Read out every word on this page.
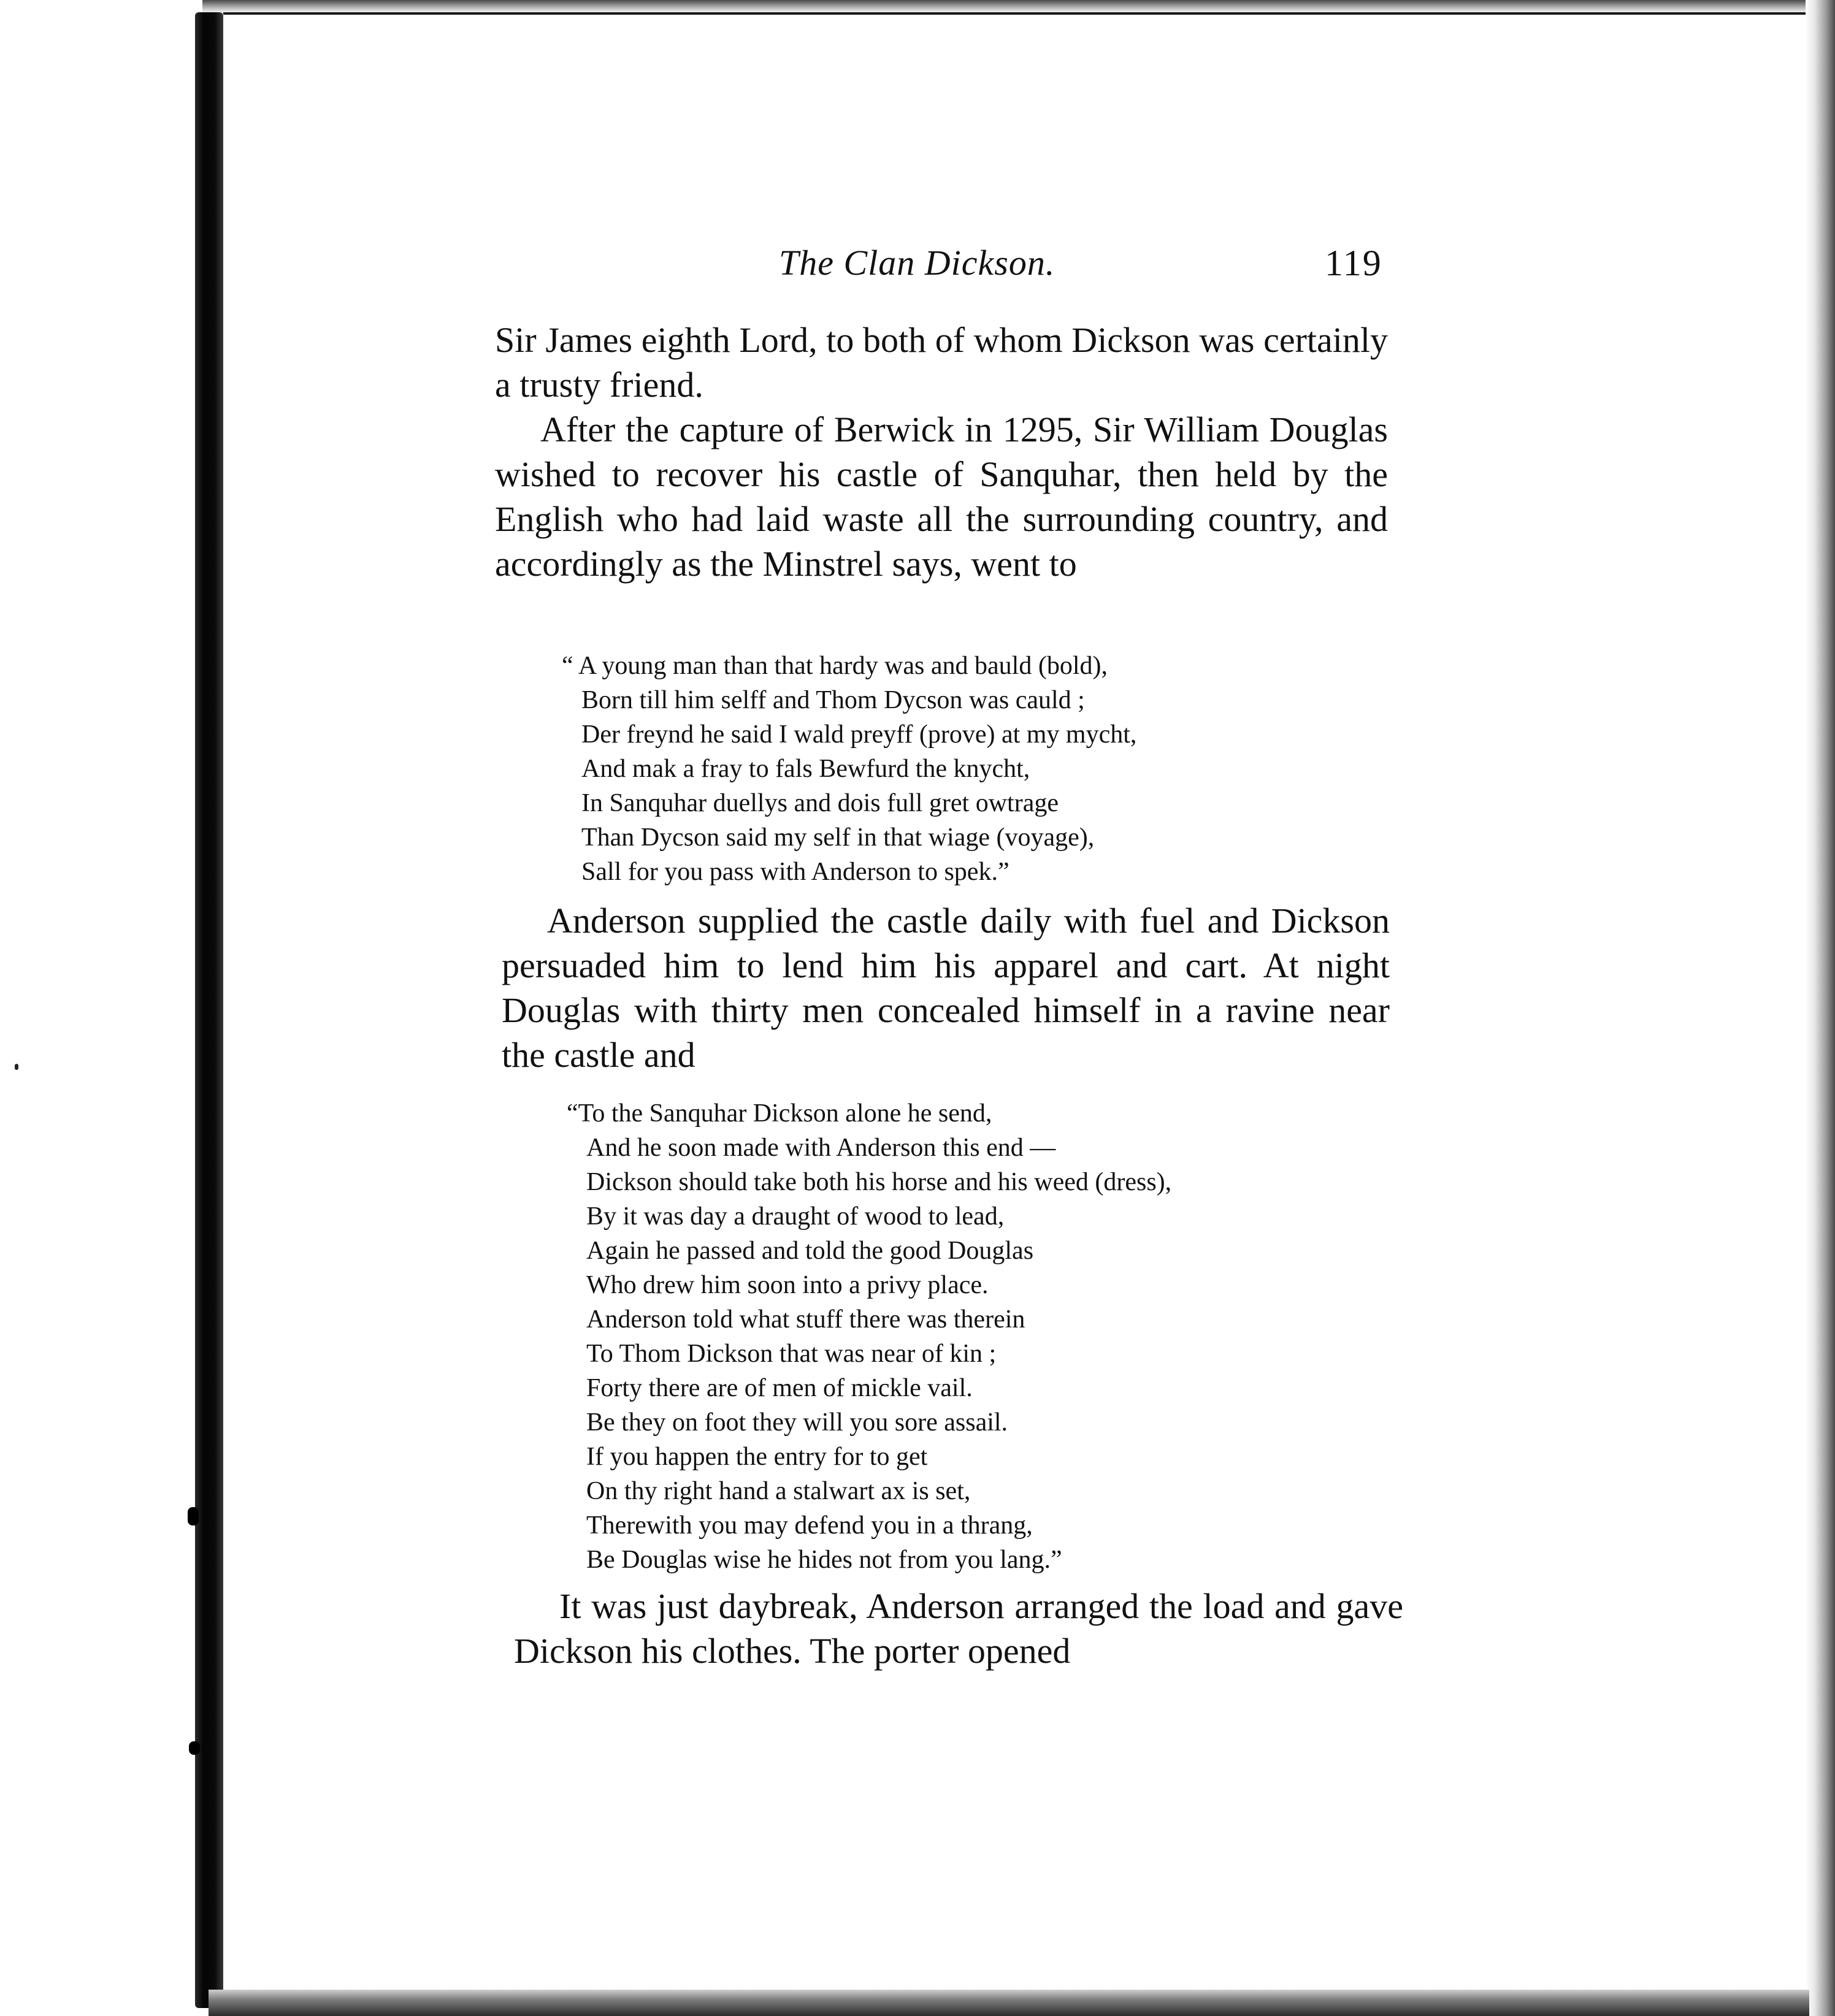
The Clan Dickson.	119

Sir James eighth Lord, to both of whom Dickson was certainly a trusty friend.

After the capture of Berwick in 1295, Sir William Douglas wished to recover his castle of Sanquhar, then held by the English who had laid waste all the surrounding country, and accordingly as the Minstrel says, went to

“ A young man than that hardy was and bauld (bold),
Born till him selff and Thom Dycson was cauld ;
Der freynd he said I wald preyff (prove) at my mycht,
And mak a fray to fals Bewfurd the knycht,
In Sanquhar duellys and dois full gret owtrage
Than Dycson said my self in that wiage (voyage),
Sall for you pass with Anderson to spek.”

Anderson supplied the castle daily with fuel and Dickson persuaded him to lend him his apparel and cart. At night Douglas with thirty men concealed himself in a ravine near the castle and

“To the Sanquhar Dickson alone he send,
And he soon made with Anderson this end —
Dickson should take both his horse and his weed (dress),
By it was day a draught of wood to lead,
Again he passed and told the good Douglas
Who drew him soon into a privy place.
Anderson told what stuff there was therein
To Thom Dickson that was near of kin ;
Forty there are of men of mickle vail.
Be they on foot they will you sore assail.
If you happen the entry for to get
On thy right hand a stalwart ax is set,
Therewith you may defend you in a thrang,
Be Douglas wise he hides not from you lang.”

It was just daybreak, Anderson arranged the load and gave Dickson his clothes. The porter opened
